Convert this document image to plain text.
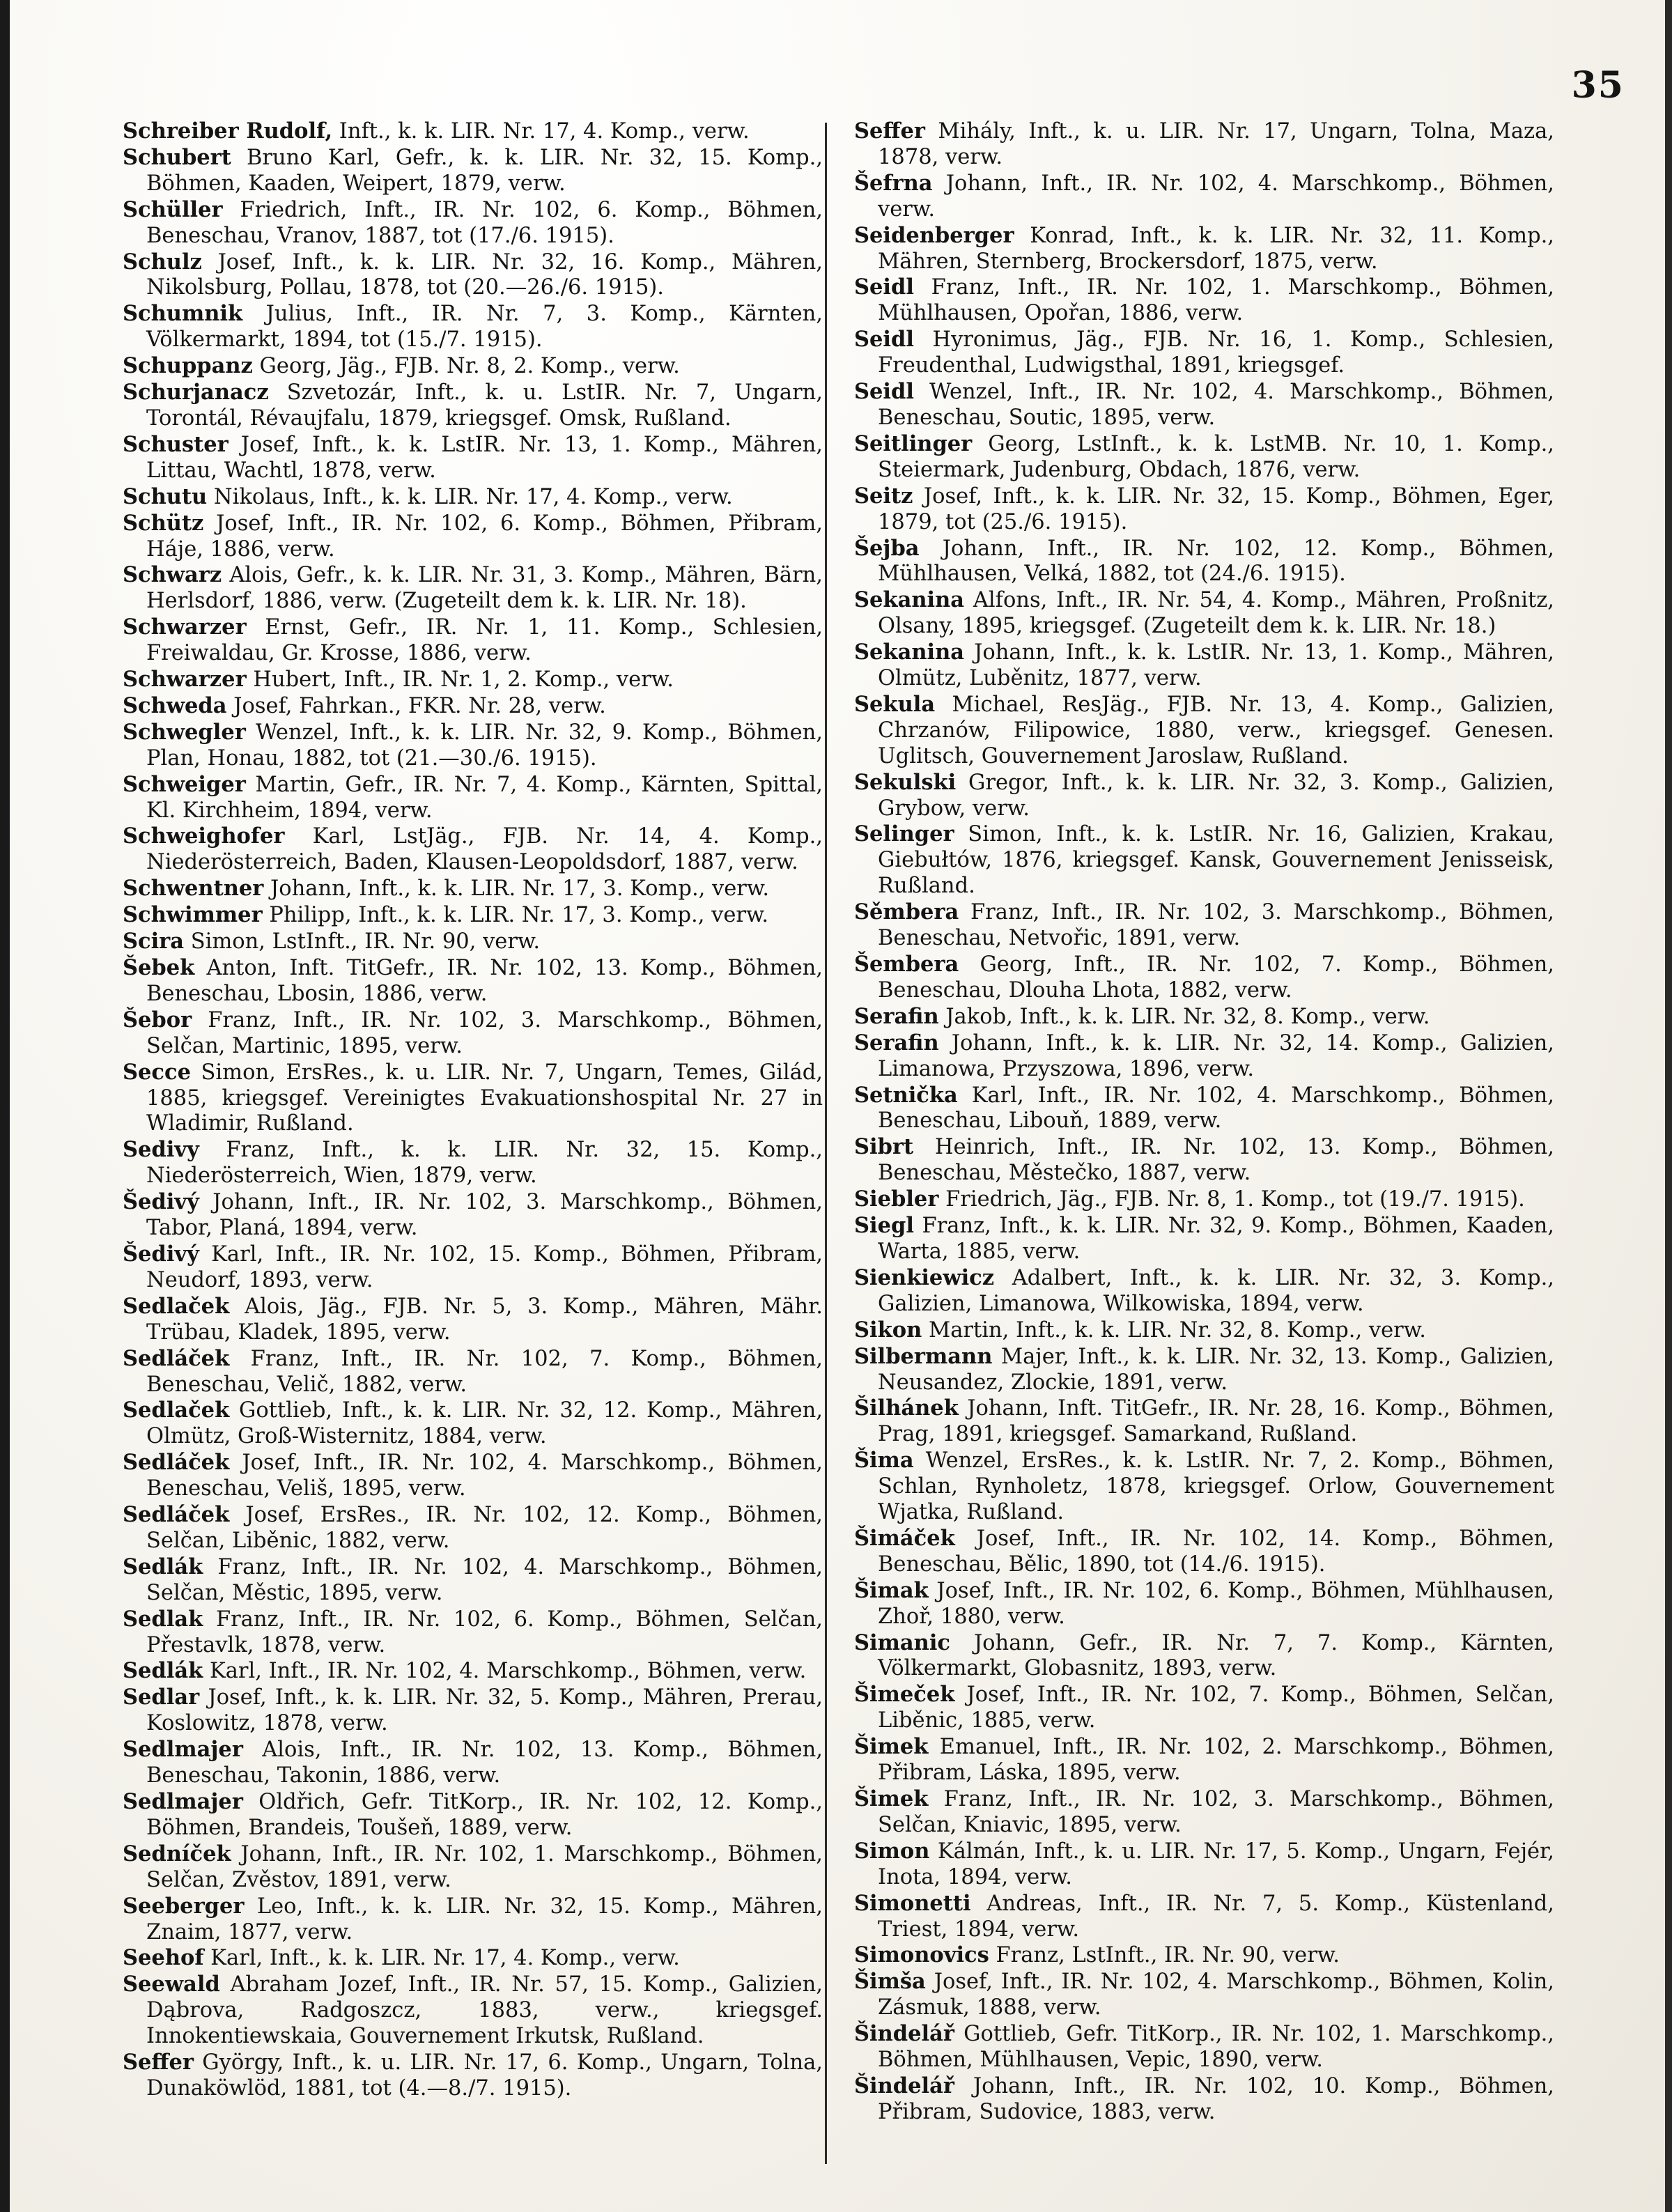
35

Schreiber Rudolf, Inft., k. k. LIR. Nr. 17, 4. Komp., verw.

Schubert Bruno Karl, Gefr., k. k. LIR. Nr. 32, 15. Komp., Böhmen, Kaaden, Weipert, 1879, verw.

Schüller Friedrich, Inft., IR. Nr. 102, 6. Komp., Böhmen, Beneschau, Vranov, 1887, tot (17./6. 1915).

Schulz Josef, Inft., k. k. LIR. Nr. 32, 16. Komp., Mähren, Nikolsburg, Pollau, 1878, tot (20.—26./6. 1915).

Schumnik Julius, Inft., IR. Nr. 7, 3. Komp., Kärnten, Völkermarkt, 1894, tot (15./7. 1915).

Schuppanz Georg, Jäg., FJB. Nr. 8, 2. Komp., verw.

Schurjanacz Szvetozár, Inft., k. u. LstIR. Nr. 7, Ungarn, Torontál, Révaujfalu, 1879, kriegsgef. Omsk, Rußland.

Schuster Josef, Inft., k. k. LstIR. Nr. 13, 1. Komp., Mähren, Littau, Wachtl, 1878, verw.

Schutu Nikolaus, Inft., k. k. LIR. Nr. 17, 4. Komp., verw.

Schütz Josef, Inft., IR. Nr. 102, 6. Komp., Böhmen, Přibram, Háje, 1886, verw.

Schwarz Alois, Gefr., k. k. LIR. Nr. 31, 3. Komp., Mähren, Bärn, Herlsdorf, 1886, verw. (Zugeteilt dem k. k. LIR. Nr. 18).

Schwarzer Ernst, Gefr., IR. Nr. 1, 11. Komp., Schlesien, Freiwaldau, Gr. Krosse, 1886, verw.

Schwarzer Hubert, Inft., IR. Nr. 1, 2. Komp., verw.

Schweda Josef, Fahrkan., FKR. Nr. 28, verw.

Schwegler Wenzel, Inft., k. k. LIR. Nr. 32, 9. Komp., Böhmen, Plan, Honau, 1882, tot (21.—30./6. 1915).

Schweiger Martin, Gefr., IR. Nr. 7, 4. Komp., Kärnten, Spittal, Kl. Kirchheim, 1894, verw.

Schweighofer Karl, LstJäg., FJB. Nr. 14, 4. Komp., Niederösterreich, Baden, Klausen-Leopoldsdorf, 1887, verw.

Schwentner Johann, Inft., k. k. LIR. Nr. 17, 3. Komp., verw.

Schwimmer Philipp, Inft., k. k. LIR. Nr. 17, 3. Komp., verw.

Scira Simon, LstInft., IR. Nr. 90, verw.

Šebek Anton, Inft. TitGefr., IR. Nr. 102, 13. Komp., Böhmen, Beneschau, Lbosin, 1886, verw.

Šebor Franz, Inft., IR. Nr. 102, 3. Marschkomp., Böhmen, Selčan, Martinic, 1895, verw.

Secce Simon, ErsRes., k. u. LIR. Nr. 7, Ungarn, Temes, Gilád, 1885, kriegsgef. Vereinigtes Evakuationshospital Nr. 27 in Wladimir, Rußland.

Sedivy Franz, Inft., k. k. LIR. Nr. 32, 15. Komp., Niederösterreich, Wien, 1879, verw.

Šedivý Johann, Inft., IR. Nr. 102, 3. Marschkomp., Böhmen, Tabor, Planá, 1894, verw.

Šedivý Karl, Inft., IR. Nr. 102, 15. Komp., Böhmen, Přibram, Neudorf, 1893, verw.

Sedlaček Alois, Jäg., FJB. Nr. 5, 3. Komp., Mähren, Mähr. Trübau, Kladek, 1895, verw.

Sedláček Franz, Inft., IR. Nr. 102, 7. Komp., Böhmen, Beneschau, Velič, 1882, verw.

Sedlaček Gottlieb, Inft., k. k. LIR. Nr. 32, 12. Komp., Mähren, Olmütz, Groß-Wisternitz, 1884, verw.

Sedláček Josef, Inft., IR. Nr. 102, 4. Marschkomp., Böhmen, Beneschau, Veliš, 1895, verw.

Sedláček Josef, ErsRes., IR. Nr. 102, 12. Komp., Böhmen, Selčan, Liběnic, 1882, verw.

Sedlák Franz, Inft., IR. Nr. 102, 4. Marschkomp., Böhmen, Selčan, Městic, 1895, verw.

Sedlak Franz, Inft., IR. Nr. 102, 6. Komp., Böhmen, Selčan, Přestavlk, 1878, verw.

Sedlák Karl, Inft., IR. Nr. 102, 4. Marschkomp., Böhmen, verw.

Sedlar Josef, Inft., k. k. LIR. Nr. 32, 5. Komp., Mähren, Prerau, Koslowitz, 1878, verw.

Sedlmajer Alois, Inft., IR. Nr. 102, 13. Komp., Böhmen, Beneschau, Takonin, 1886, verw.

Sedlmajer Oldřich, Gefr. TitKorp., IR. Nr. 102, 12. Komp., Böhmen, Brandeis, Toušeň, 1889, verw.

Sedníček Johann, Inft., IR. Nr. 102, 1. Marschkomp., Böhmen, Selčan, Zvěstov, 1891, verw.

Seeberger Leo, Inft., k. k. LIR. Nr. 32, 15. Komp., Mähren, Znaim, 1877, verw.

Seehof Karl, Inft., k. k. LIR. Nr. 17, 4. Komp., verw.

Seewald Abraham Jozef, Inft., IR. Nr. 57, 15. Komp., Galizien, Dąbrova, Radgoszcz, 1883, verw., kriegsgef. Innokentiewskaia, Gouvernement Irkutsk, Rußland.

Seffer György, Inft., k. u. LIR. Nr. 17, 6. Komp., Ungarn, Tolna, Dunaköwlöd, 1881, tot (4.—8./7. 1915).

Seffer Mihály, Inft., k. u. LIR. Nr. 17, Ungarn, Tolna, Maza, 1878, verw.

Šefrna Johann, Inft., IR. Nr. 102, 4. Marschkomp., Böhmen, verw.

Seidenberger Konrad, Inft., k. k. LIR. Nr. 32, 11. Komp., Mähren, Sternberg, Brockersdorf, 1875, verw.

Seidl Franz, Inft., IR. Nr. 102, 1. Marschkomp., Böhmen, Mühlhausen, Opořan, 1886, verw.

Seidl Hyronimus, Jäg., FJB. Nr. 16, 1. Komp., Schlesien, Freudenthal, Ludwigsthal, 1891, kriegsgef.

Seidl Wenzel, Inft., IR. Nr. 102, 4. Marschkomp., Böhmen, Beneschau, Soutic, 1895, verw.

Seitlinger Georg, LstInft., k. k. LstMB. Nr. 10, 1. Komp., Steiermark, Judenburg, Obdach, 1876, verw.

Seitz Josef, Inft., k. k. LIR. Nr. 32, 15. Komp., Böhmen, Eger, 1879, tot (25./6. 1915).

Šejba Johann, Inft., IR. Nr. 102, 12. Komp., Böhmen, Mühlhausen, Velká, 1882, tot (24./6. 1915).

Sekanina Alfons, Inft., IR. Nr. 54, 4. Komp., Mähren, Proßnitz, Olsany, 1895, kriegsgef. (Zugeteilt dem k. k. LIR. Nr. 18.)

Sekanina Johann, Inft., k. k. LstIR. Nr. 13, 1. Komp., Mähren, Olmütz, Luběnitz, 1877, verw.

Sekula Michael, ResJäg., FJB. Nr. 13, 4. Komp., Galizien, Chrzanów, Filipowice, 1880, verw., kriegsgef. Genesen. Uglitsch, Gouvernement Jaroslaw, Rußland.

Sekulski Gregor, Inft., k. k. LIR. Nr. 32, 3. Komp., Galizien, Grybow, verw.

Selinger Simon, Inft., k. k. LstIR. Nr. 16, Galizien, Krakau, Giebułtów, 1876, kriegsgef. Kansk, Gouvernement Jenisseisk, Rußland.

Sěmbera Franz, Inft., IR. Nr. 102, 3. Marschkomp., Böhmen, Beneschau, Netvořic, 1891, verw.

Šembera Georg, Inft., IR. Nr. 102, 7. Komp., Böhmen, Beneschau, Dlouha Lhota, 1882, verw.

Serafin Jakob, Inft., k. k. LIR. Nr. 32, 8. Komp., verw.

Serafin Johann, Inft., k. k. LIR. Nr. 32, 14. Komp., Galizien, Limanowa, Przyszowa, 1896, verw.

Setnička Karl, Inft., IR. Nr. 102, 4. Marschkomp., Böhmen, Beneschau, Libouň, 1889, verw.

Sibrt Heinrich, Inft., IR. Nr. 102, 13. Komp., Böhmen, Beneschau, Městečko, 1887, verw.

Siebler Friedrich, Jäg., FJB. Nr. 8, 1. Komp., tot (19./7. 1915).

Siegl Franz, Inft., k. k. LIR. Nr. 32, 9. Komp., Böhmen, Kaaden, Warta, 1885, verw.

Sienkiewicz Adalbert, Inft., k. k. LIR. Nr. 32, 3. Komp., Galizien, Limanowa, Wilkowiska, 1894, verw.

Sikon Martin, Inft., k. k. LIR. Nr. 32, 8. Komp., verw.

Silbermann Majer, Inft., k. k. LIR. Nr. 32, 13. Komp., Galizien, Neusandez, Zlockie, 1891, verw.

Šilhánek Johann, Inft. TitGefr., IR. Nr. 28, 16. Komp., Böhmen, Prag, 1891, kriegsgef. Samarkand, Rußland.

Šima Wenzel, ErsRes., k. k. LstIR. Nr. 7, 2. Komp., Böhmen, Schlan, Rynholetz, 1878, kriegsgef. Orlow, Gouvernement Wjatka, Rußland.

Šimáček Josef, Inft., IR. Nr. 102, 14. Komp., Böhmen, Beneschau, Bělic, 1890, tot (14./6. 1915).

Šimak Josef, Inft., IR. Nr. 102, 6. Komp., Böhmen, Mühlhausen, Zhoř, 1880, verw.

Simanic Johann, Gefr., IR. Nr. 7, 7. Komp., Kärnten, Völkermarkt, Globasnitz, 1893, verw.

Šimeček Josef, Inft., IR. Nr. 102, 7. Komp., Böhmen, Selčan, Liběnic, 1885, verw.

Šimek Emanuel, Inft., IR. Nr. 102, 2. Marschkomp., Böhmen, Přibram, Láska, 1895, verw.

Šimek Franz, Inft., IR. Nr. 102, 3. Marschkomp., Böhmen, Selčan, Kniavic, 1895, verw.

Simon Kálmán, Inft., k. u. LIR. Nr. 17, 5. Komp., Ungarn, Fejér, Inota, 1894, verw.

Simonetti Andreas, Inft., IR. Nr. 7, 5. Komp., Küstenland, Triest, 1894, verw.

Simonovics Franz, LstInft., IR. Nr. 90, verw.

Šimša Josef, Inft., IR. Nr. 102, 4. Marschkomp., Böhmen, Kolin, Zásmuk, 1888, verw.

Šindelář Gottlieb, Gefr. TitKorp., IR. Nr. 102, 1. Marschkomp., Böhmen, Mühlhausen, Vepic, 1890, verw.

Šindelář Johann, Inft., IR. Nr. 102, 10. Komp., Böhmen, Přibram, Sudovice, 1883, verw.
